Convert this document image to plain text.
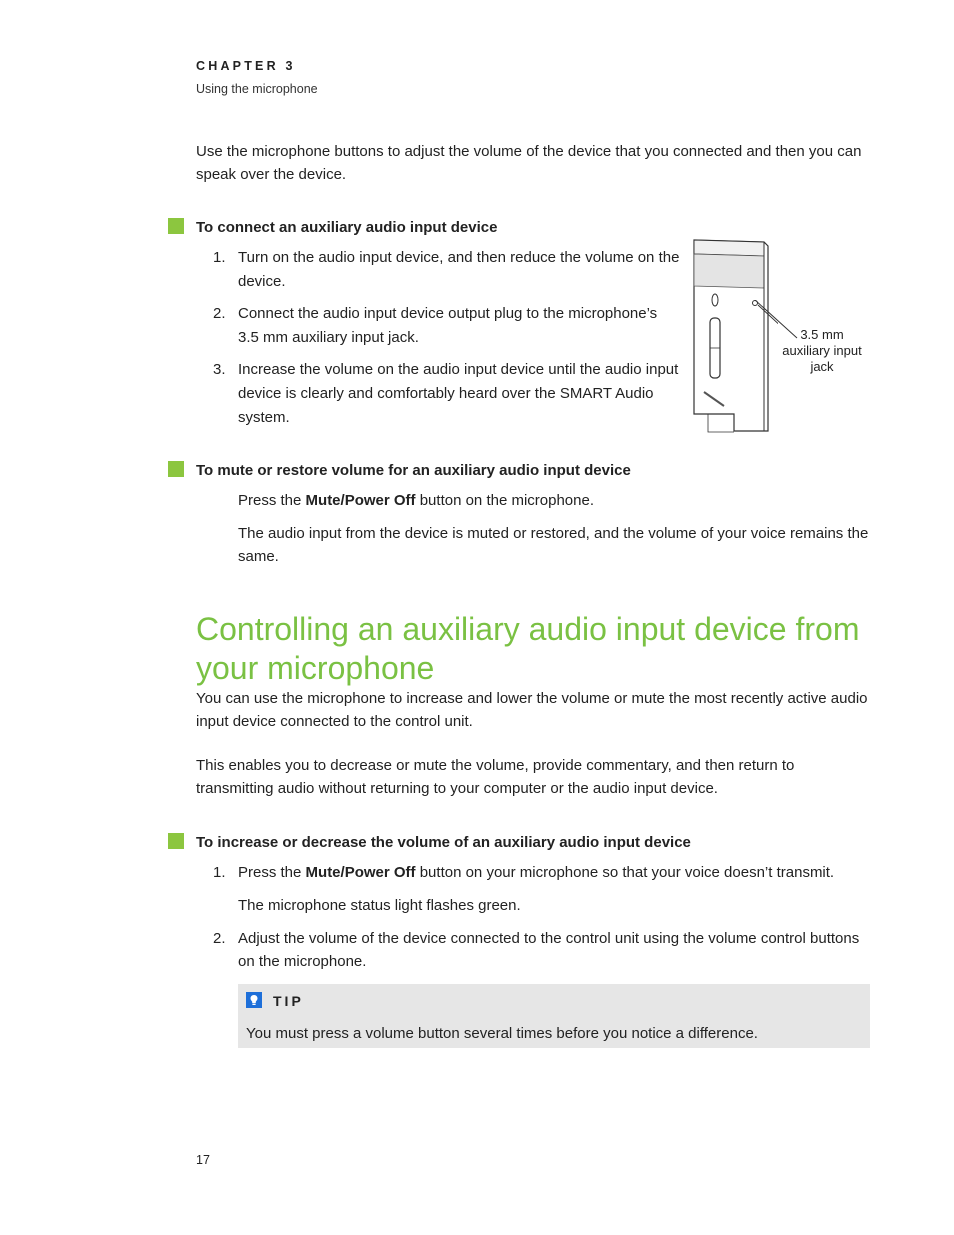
CHAPTER 3
Using the microphone
Use the microphone buttons to adjust the volume of the device that you connected and then you can speak over the device.
To connect an auxiliary audio input device
1. Turn on the audio input device, and then reduce the volume on the
device.
2. Connect the audio input device output plug to the microphone’s
3.5 mm auxiliary input jack.
3. Increase the volume on the audio input device until the audio input
device is clearly and comfortably heard over the SMART Audio
system.
3.5 mm
auxiliary input
jack
To mute or restore volume for an auxiliary audio input device
Press the Mute/Power Off button on the microphone.
The audio input from the device is muted or restored, and the volume of your voice remains the
same.
Controlling an auxiliary audio input device from
your microphone
You can use the microphone to increase and lower the volume or mute the most recently active audio
input device connected to the control unit.
This enables you to decrease or mute the volume, provide commentary, and then return to
transmitting audio without returning to your computer or the audio input device.
To increase or decrease the volume of an auxiliary audio input device
1. Press the Mute/Power Off button on your microphone so that your voice doesn’t transmit.
The microphone status light flashes green.
2. Adjust the volume of the device connected to the control unit using the volume control buttons
on the microphone.
TIP
You must press a volume button several times before you notice a difference.
17
